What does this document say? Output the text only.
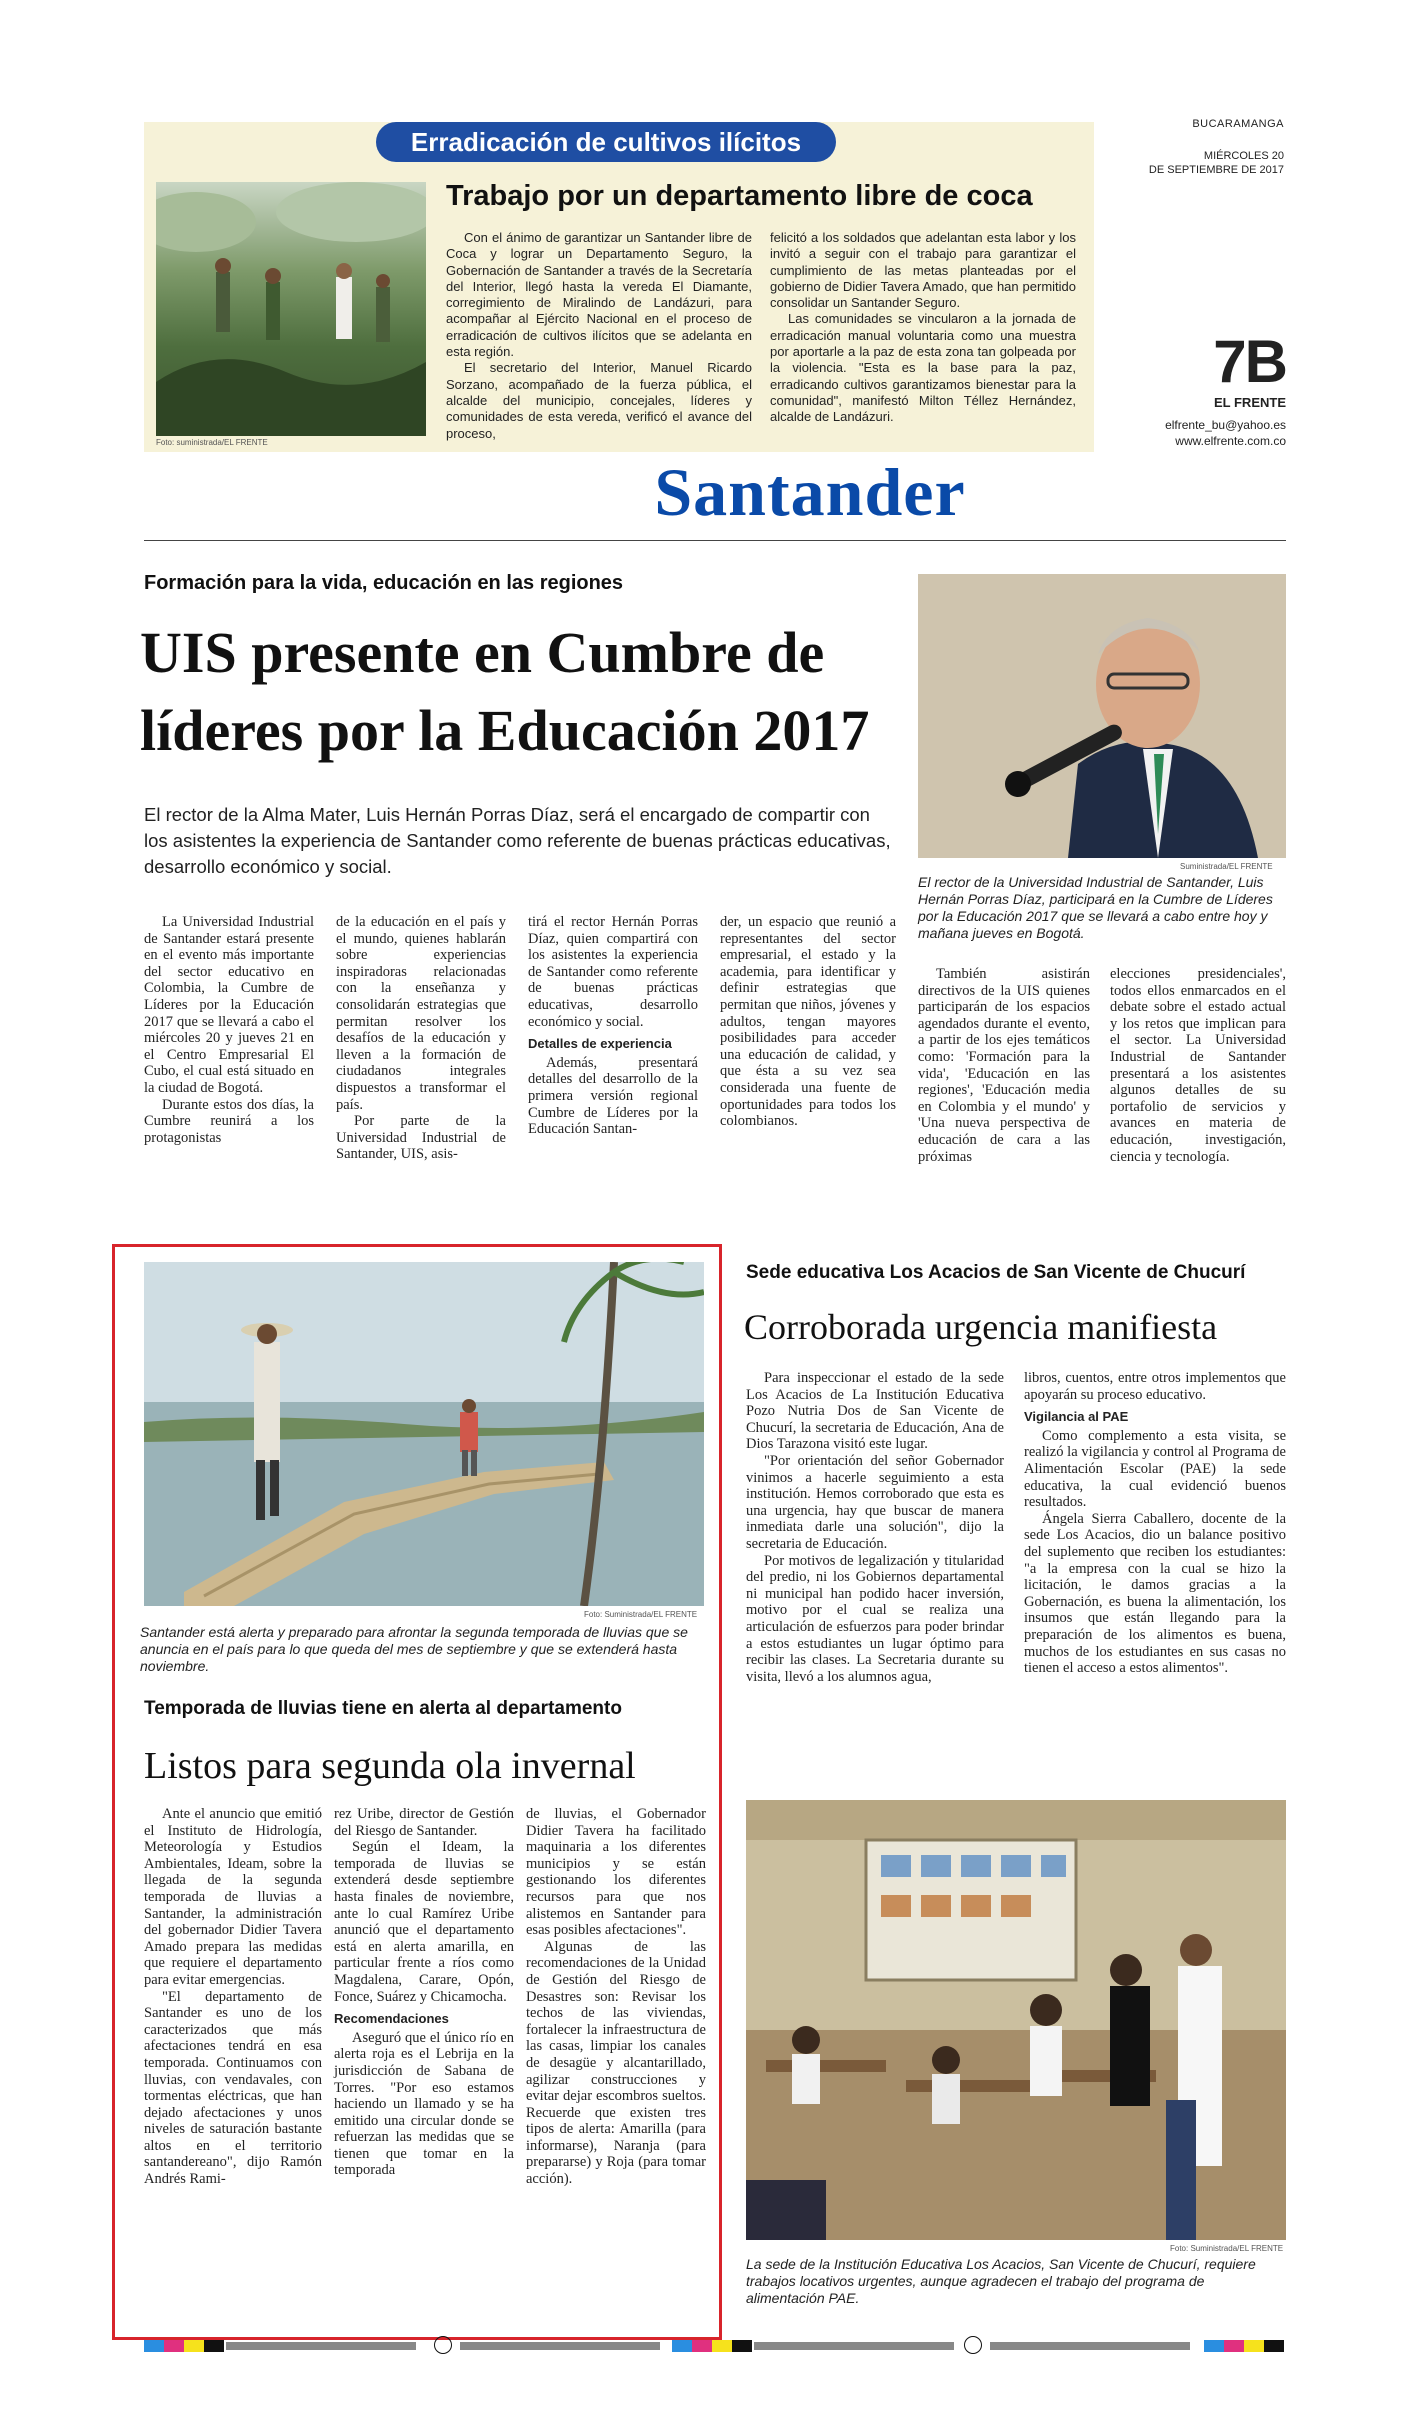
BUCARAMANGA
MIÉRCOLES 20
DE SEPTIEMBRE DE 2017
7B
EL FRENTE
elfrente_bu@yahoo.es
www.elfrente.com.co
Erradicación de cultivos ilícitos
Foto: suministrada/EL FRENTE
Trabajo por un departamento libre de coca

Con el ánimo de garantizar un Santander libre de Coca y lograr un Departamento Seguro, la Gobernación de Santander a través de la Secretaría del Interior, llegó hasta la vereda El Diamante, corregimiento de Miralindo de Landázuri, para acompañar al Ejército Nacional en el proceso de erradicación de cultivos ilícitos que se adelanta en esta región.

El secretario del Interior, Manuel Ricardo Sorzano, acompañado de la fuerza pública, el alcalde del municipio, concejales, líderes y comunidades de esta vereda, verificó el avance del proceso,

felicitó a los soldados que adelantan esta labor y los invitó a seguir con el trabajo para garantizar el cumplimiento de las metas planteadas por el gobierno de Didier Tavera Amado, que han permitido consolidar un Santander Seguro.

Las comunidades se vincularon a la jornada de erradicación manual voluntaria como una muestra por aportarle a la paz de esta zona tan golpeada por la violencia. "Esta es la base para la paz, erradicando cultivos garantizamos bienestar para la comunidad", manifestó Milton Téllez Hernández, alcalde de Landázuri.

Santander
Formación para la vida, educación en las regiones
UIS presente en Cumbre de
líderes por la Educación 2017
El rector de la Alma Mater, Luis Hernán Porras Díaz, será el encargado de compartir con los asistentes la experiencia de Santander como referente de buenas prácticas educativas, desarrollo económico y social.	Suministrada/EL FRENTE
El rector de la Universidad Industrial de Santander, Luis Hernán Porras Díaz, participará en la Cumbre de Líderes por la Educación 2017 que se llevará a cabo entre hoy y mañana jueves en Bogotá.

La Universidad Industrial de Santander estará presente en el evento más importante del sector educativo en Colombia, la Cumbre de Líderes por la Educación 2017 que se llevará a cabo el miércoles 20 y jueves 21 en el Centro Empresarial El Cubo, el cual está situado en la ciudad de Bogotá.

Durante estos dos días, la Cumbre reunirá a los protagonistas

de la educación en el país y el mundo, quienes hablarán sobre experiencias inspiradoras relacionadas con la enseñanza y consolidarán estrategias que permitan resolver los desafíos de la educación y lleven a la formación de ciudadanos integrales dispuestos a transformar el país.

Por parte de la Universidad Industrial de Santander, UIS, asis-

tirá el rector Hernán Porras Díaz, quien compartirá con los asistentes la experiencia de Santander como referente de buenas prácticas educativas, desarrollo económico y social.

Detalles de experiencia

Además, presentará detalles del desarrollo de la primera versión regional Cumbre de Líderes por la Educación Santan-

der, un espacio que reunió a representantes del sector empresarial, el estado y la academia, para identificar y definir estrategias que permitan que niños, jóvenes y adultos, tengan mayores posibilidades para acceder una educación de calidad, y que ésta a su vez sea considerada una fuente de oportunidades para todos los colombianos.

También asistirán directivos de la UIS quienes participarán de los espacios agendados durante el evento, a partir de los ejes temáticos como: 'Formación para la vida', 'Educación en las regiones', 'Educación media en Colombia y el mundo' y 'Una nueva perspectiva de educación de cara a las próximas

elecciones presidenciales', todos ellos enmarcados en el debate sobre el estado actual y los retos que implican para el sector. La Universidad Industrial de Santander presentará a los asistentes algunos detalles de su portafolio de servicios y avances en materia de educación, investigación, ciencia y tecnología.

Foto: Suministrada/EL FRENTE
Santander está alerta y preparado para afrontar la segunda temporada de lluvias que se anuncia en el país para lo que queda del mes de septiembre y que se extenderá hasta noviembre.
Temporada de lluvias tiene en alerta al departamento
Listos para segunda ola invernal

Ante el anuncio que emitió el Instituto de Hidrología, Meteorología y Estudios Ambientales, Ideam, sobre la llegada de la segunda temporada de lluvias a Santander, la administración del gobernador Didier Tavera Amado prepara las medidas que requiere el departamento para evitar emergencias.

"El departamento de Santander es uno de los caracterizados que más afectaciones tendrá en esa temporada. Continuamos con lluvias, con vendavales, con tormentas eléctricas, que han dejado afectaciones y unos niveles de saturación bastante altos en el territorio santandereano", dijo Ramón Andrés Rami-

rez Uribe, director de Gestión del Riesgo de Santander.

Según el Ideam, la temporada de lluvias se extenderá desde septiembre hasta finales de noviembre, ante lo cual Ramírez Uribe anunció que el departamento está en alerta amarilla, en particular frente a ríos como Magdalena, Carare, Opón, Fonce, Suárez y Chicamocha.

Recomendaciones

Aseguró que el único río en alerta roja es el Lebrija en la jurisdicción de Sabana de Torres. "Por eso estamos haciendo un llamado y se ha emitido una circular donde se refuerzan las medidas que se tienen que tomar en la temporada

de lluvias, el Gobernador Didier Tavera ha facilitado maquinaria a los diferentes municipios y se están gestionando los diferentes recursos para que nos alistemos en Santander para esas posibles afectaciones".

Algunas de las recomendaciones de la Unidad de Gestión del Riesgo de Desastres son: Revisar los techos de las viviendas, fortalecer la infraestructura de las casas, limpiar los canales de desagüe y alcantarillado, agilizar construcciones y evitar dejar escombros sueltos. Recuerde que existen tres tipos de alerta: Amarilla (para informarse), Naranja (para prepararse) y Roja (para tomar acción).

Sede educativa Los Acacios de San Vicente de Chucurí
Corroborada urgencia manifiesta

Para inspeccionar el estado de la sede Los Acacios de La Institución Educativa Pozo Nutria Dos de San Vicente de Chucurí, la secretaria de Educación, Ana de Dios Tarazona visitó este lugar.

"Por orientación del señor Gobernador vinimos a hacerle seguimiento a esta institución. Hemos corroborado que esta es una urgencia, hay que buscar de manera inmediata darle una solución", dijo la secretaria de Educación.

Por motivos de legalización y titularidad del predio, ni los Gobiernos departamental ni municipal han podido hacer inversión, motivo por el cual se realiza una articulación de esfuerzos para poder brindar a estos estudiantes un lugar óptimo para recibir las clases. La Secretaria durante su visita, llevó a los alumnos agua,

libros, cuentos, entre otros implementos que apoyarán su proceso educativo.

Vigilancia al PAE

Como complemento a esta visita, se realizó la vigilancia y control al Programa de Alimentación Escolar (PAE) la sede educativa, la cual evidenció buenos resultados.

Ángela Sierra Caballero, docente de la sede Los Acacios, dio un balance positivo del suplemento que reciben los estudiantes: "a la empresa con la cual se hizo la licitación, le damos gracias a la Gobernación, es buena la alimentación, los insumos que están llegando para la preparación de los alimentos es buena, muchos de los estudiantes en sus casas no tienen el acceso a estos alimentos".

Foto: Suministrada/EL FRENTE
La sede de la Institución Educativa Los Acacios, San Vicente de Chucurí, requiere trabajos locativos urgentes, aunque agradecen el trabajo del programa de alimentación PAE.
